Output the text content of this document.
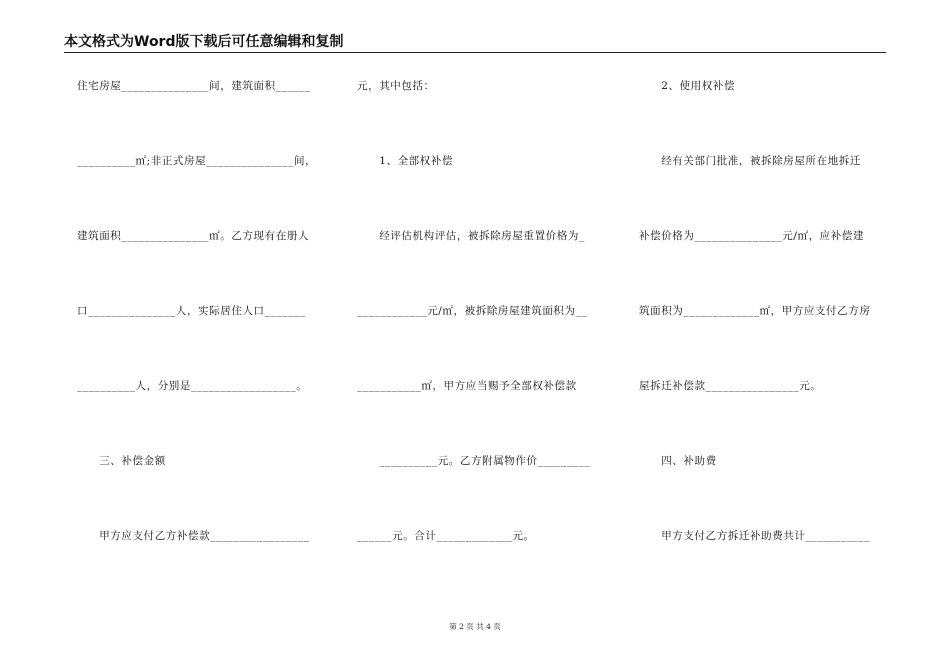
本文格式为Word版下载后可任意编辑和复制
住宅房屋_______________间，建筑面积______
__________㎡;非正式房屋_______________间，
建筑面积_______________㎡。乙方现有在册人
口_______________人，实际居住人口_______
__________人，分别是__________________。
　　三、补偿金额
　　甲方应支付乙方补偿款_________________
元，其中包括：
　　1、全部权补偿
　　经评估机构评估，被拆除房屋重置价格为_
____________元/㎡，被拆除房屋建筑面积为__
___________㎡，甲方应当赐予全部权补偿款
　　__________元。乙方附属物作价_________
______元。合计_____________元。
　　2、使用权补偿
　　经有关部门批准，被拆除房屋所在地拆迁
补偿价格为_______________元/㎡，应补偿建
筑面积为_____________㎡，甲方应支付乙方房
屋拆迁补偿款________________元。
　　四、补助费
　　甲方支付乙方拆迁补助费共计___________
第 2 页 共 4 页
